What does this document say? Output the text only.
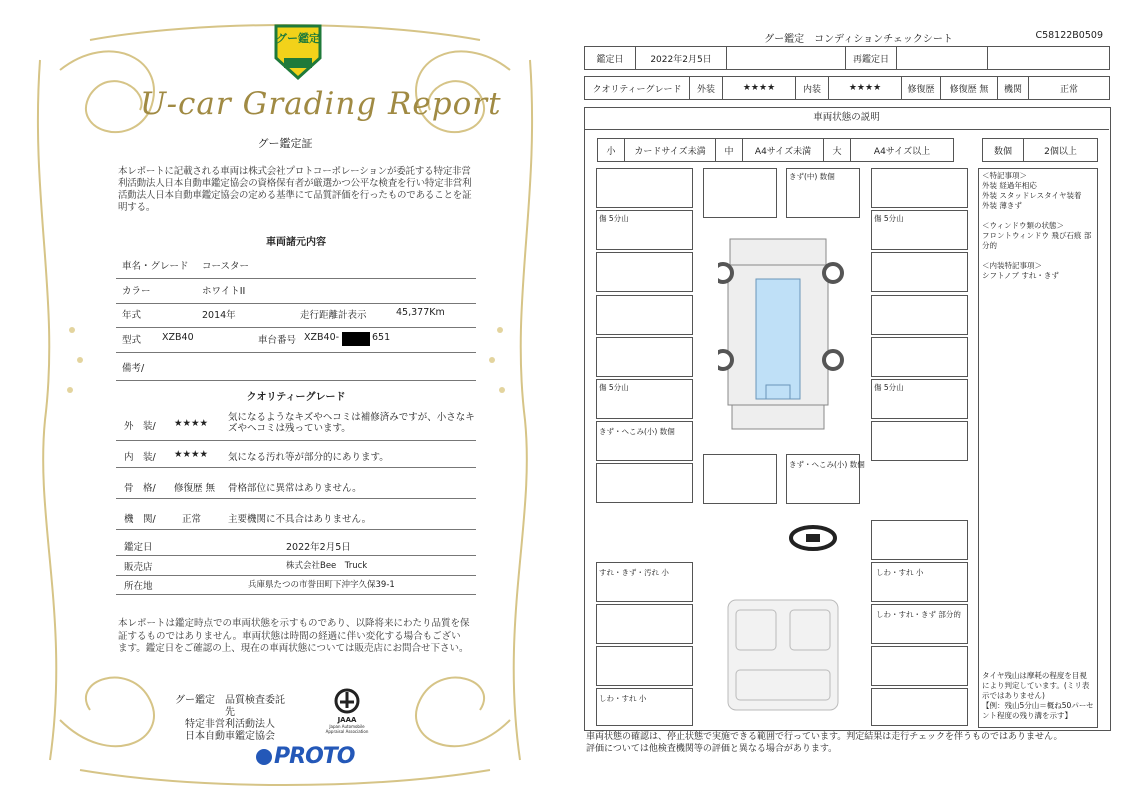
グー鑑定
U-car Grading Report
グー鑑定証
本レポートに記載される車両は株式会社プロトコーポレーションが委託する特定非営利活動法人日本自動車鑑定協会の資格保有者が厳選かつ公平な検査を行い特定非営利活動法人日本自動車鑑定協会の定める基準にて品質評価を行ったものであることを証明する。
車両諸元内容
車名・グレード コースター
カラー	ホワイトII
年式	2014年	走行距離計表示	45,377Km
型式 XZB40	車台番号 XZB40-	651
備考/
クオリティーグレード
外　装/ ★★★★
気になるようなキズやヘコミは補修済みですが、小さなキズやヘコミは残っています。
内　装/ ★★★★ 気になる汚れ等が部分的にあります。
骨　格/ 修復歴 無 骨格部位に異常はありません。
機　関/	正常	主要機関に不具合はありません。
鑑定日	2022年2月5日
販売店	株式会社Bee　Truck
所在地	兵庫県たつの市誉田町下沖字久保39-1
本レポートは鑑定時点での車両状態を示すものであり、以降将来にわたり品質を保証するものではありません。車両状態は時間の経過に伴い変化する場合もございます。鑑定日をご確認の上、現在の車両状態については販売店にお問合せ下さい。
グー鑑定　品質検査委託先
特定非営利活動法人
日本自動車鑑定協会
JAAA
Japan Automobile Appraisal Association
PROTO
グー鑑定　コンディションチェックシート	C58122B0509
鑑定日	2022年2月5日		再鑑定日		
クオリティーグレード	外装	★★★★	内装	★★★★	修復歴	修復歴 無	機関	正常
車両状態の説明
小	カードサイズ未満	中	A4サイズ未満	大	A4サイズ以上	数個	2個以上
傷 5分山
傷 5分山
きず・へこみ(小) 数個
傷 5分山
傷 5分山
きず(中) 数個
きず・へこみ(小) 数個
すれ・きず・汚れ 小
しわ・すれ 小
しわ・すれ 小
しわ・すれ・きず 部分的
＜特記事項＞
外装 経過年相応
外装 スタッドレスタイヤ装着
外装 薄きず
＜ウィンドウ類の状態＞
フロントウィンドウ 飛び石痕 部分的
＜内装特記事項＞
シフトノブ すれ・きず
タイヤ残山は摩耗の程度を目視により判定しています。(ミリ表示ではありません)
【例：残山5分山＝概ね50パーセント程度の残り溝を示す】
車両状態の確認は、停止状態で実施できる範囲で行っています。判定結果は走行チェックを伴うものではありません。
評価については他検査機関等の評価と異なる場合があります。
